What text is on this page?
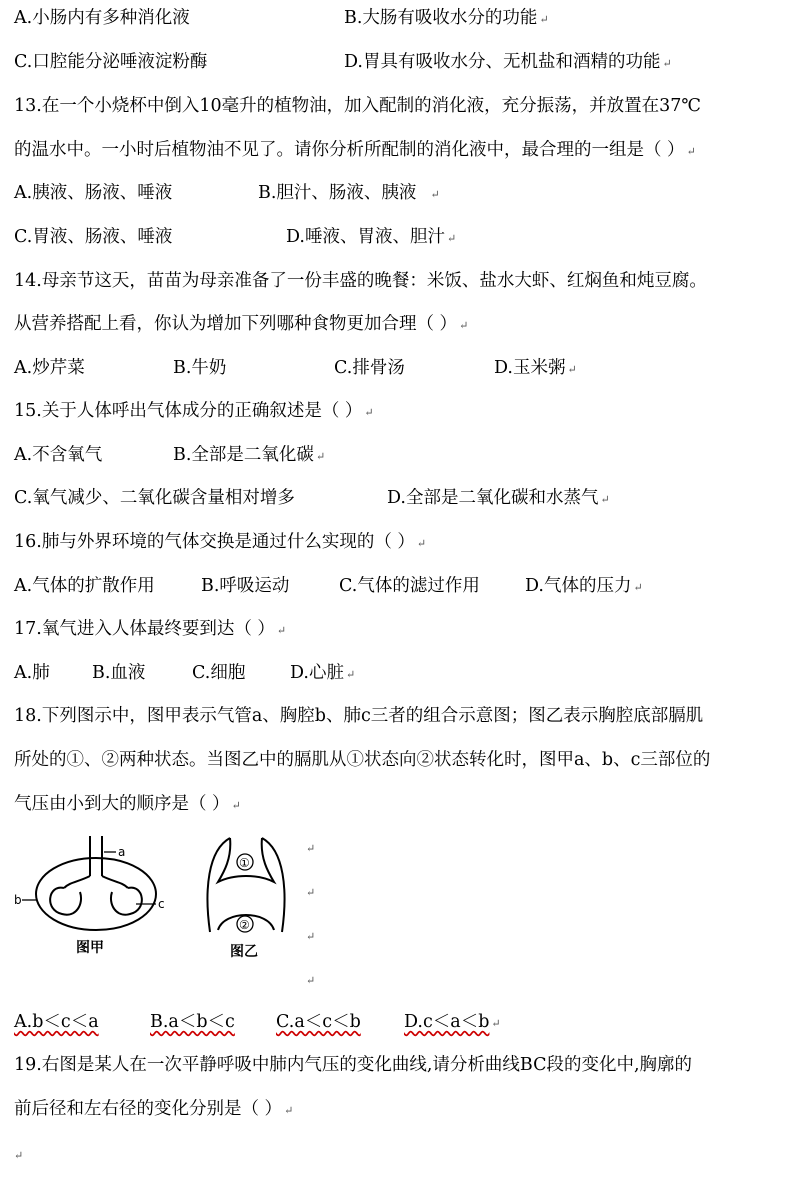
A.小肠内有多种消化液	B.大肠有吸收水分的功能 ↵
C.口腔能分泌唾液淀粉酶	D.胃具有吸收水分、无机盐和酒精的功能 ↵
13.在一个小烧杯中倒入10毫升的植物油，加入配制的消化液，充分振荡，并放置在37℃
的温水中。一小时后植物油不见了。请你分析所配制的消化液中，最合理的一组是（ ） ↵
A.胰液、肠液、唾液	B.胆汁、肠液、胰液 ↵
C.胃液、肠液、唾液	D.唾液、胃液、胆汁 ↵
14.母亲节这天，苗苗为母亲准备了一份丰盛的晚餐：米饭、盐水大虾、红焖鱼和炖豆腐。
从营养搭配上看，你认为增加下列哪种食物更加合理（ ） ↵
A.炒芹菜	B.牛奶	C.排骨汤	D.玉米粥 ↵
15.关于人体呼出气体成分的正确叙述是（ ） ↵
A.不含氧气	B.全部是二氧化碳 ↵
C.氧气减少、二氧化碳含量相对增多	D.全部是二氧化碳和水蒸气 ↵
16.肺与外界环境的气体交换是通过什么实现的（ ） ↵
A.气体的扩散作用	B.呼吸运动	C.气体的滤过作用	D.气体的压力 ↵
17.氧气进入人体最终要到达（ ） ↵
A.肺 B.血液	C.细胞	D.心脏 ↵
18.下列图示中，图甲表示气管a、胸腔b、肺c三者的组合示意图；图乙表示胸腔底部膈肌
所处的①、②两种状态。当图乙中的膈肌从①状态向②状态转化时，图甲a、b、c三部位的
气压由小到大的顺序是（ ） ↵
a
b	c
图甲
①
②
图乙
↵
↵
↵
↵
A.b＜c＜a	B.a＜b＜c C.a＜c＜b D.c＜a＜b ↵
19.右图是某人在一次平静呼吸中肺内气压的变化曲线,请分析曲线BC段的变化中,胸廓的
前后径和左右径的变化分别是（ ） ↵
↵
